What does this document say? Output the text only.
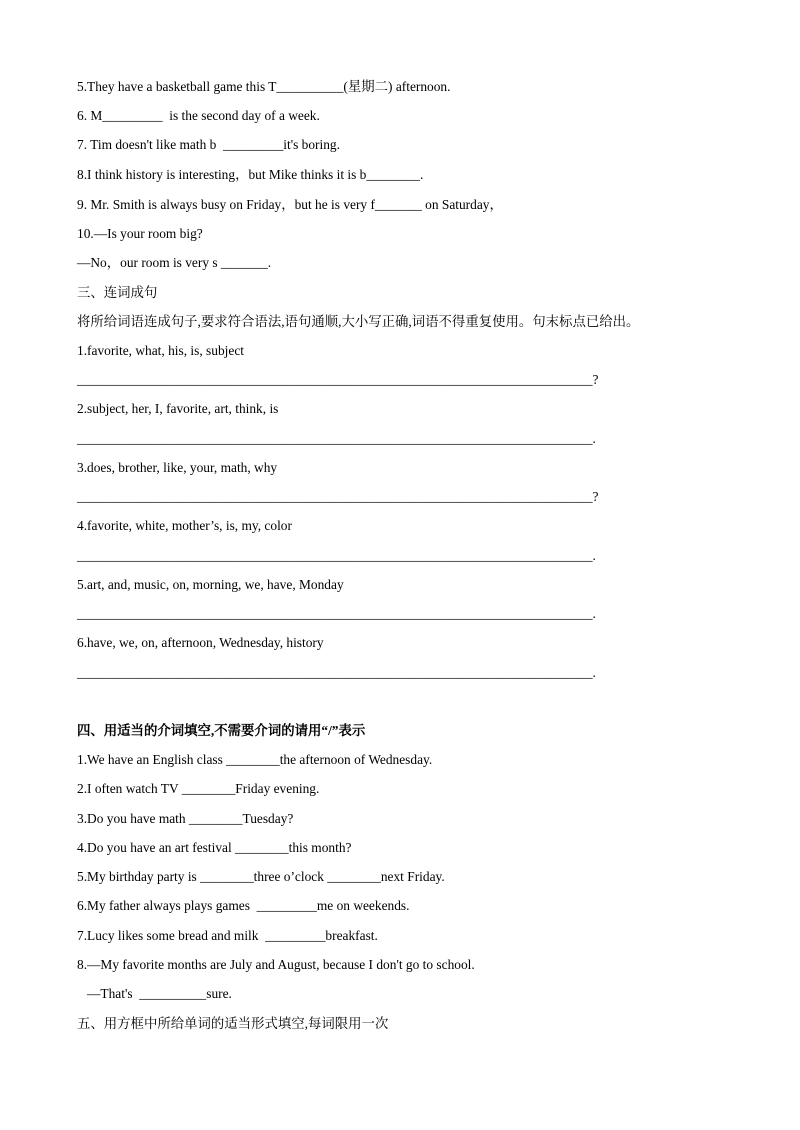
5.They have a basketball game this T__________(星期二) afternoon.
6. M_________  is the second day of a week.
7. Tim doesn't like math b  _________it's boring.
8.I think history is interesting，but Mike thinks it is b________.
9. Mr. Smith is always busy on Friday，but he is very f_______ on Saturday，
10.—Is your room big?
—No，our room is very s _______.
三、连词成句
将所给词语连成句子,要求符合语法,语句通顺,大小写正确,词语不得重复使用。句末标点已给出。
1.favorite, what, his, is, subject
_____________________________________________________________________________?
2.subject, her, I, favorite, art, think, is
_____________________________________________________________________________.
3.does, brother, like, your, math, why
_____________________________________________________________________________?
4.favorite, white, mother’s, is, my, color
_____________________________________________________________________________.
5.art, and, music, on, morning, we, have, Monday
_____________________________________________________________________________.
6.have, we, on, afternoon, Wednesday, history
_____________________________________________________________________________.
四、用适当的介词填空,不需要介词的请用“/”表示
1.We have an English class ________the afternoon of Wednesday.
2.I often watch TV ________Friday evening.
3.Do you have math ________Tuesday?
4.Do you have an art festival ________this month?
5.My birthday party is ________three o’clock ________next Friday.
6.My father always plays games  _________me on weekends.
7.Lucy likes some bread and milk  _________breakfast.
8.—My favorite months are July and August, because I don't go to school.
—That's  __________sure.
五、用方框中所给单词的适当形式填空,每词限用一次
